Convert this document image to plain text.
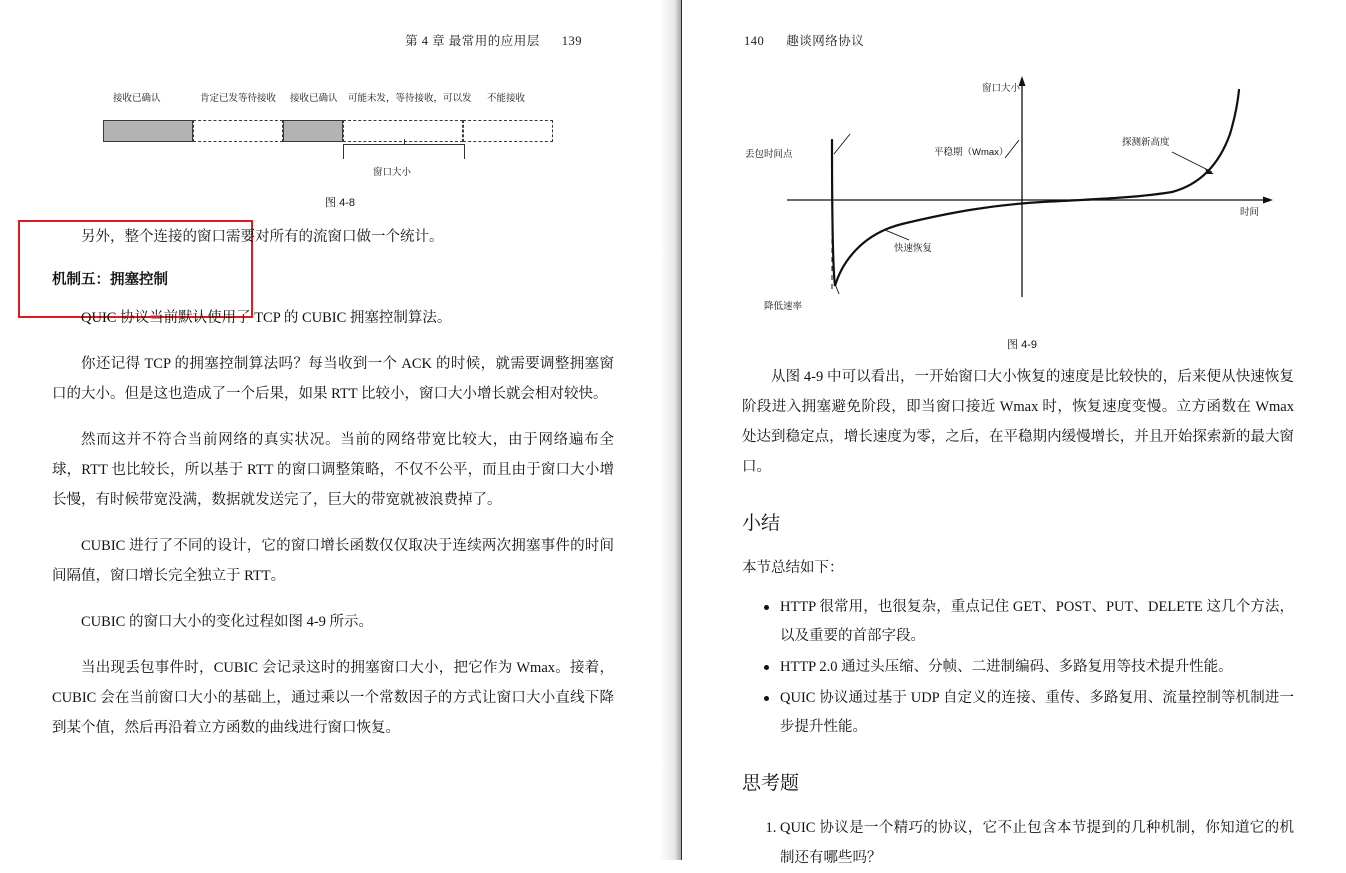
第 4 章 最常用的应用层 139
接收已确认	肯定已发等待接收 接收已确认 可能未发，等待接收，可以发 不能接收
窗口大小
图 4-8

另外，整个连接的窗口需要对所有的流窗口做一个统计。

机制五：拥塞控制

QUIC 协议当前默认使用了 TCP 的 CUBIC 拥塞控制算法。

你还记得 TCP 的拥塞控制算法吗？每当收到一个 ACK 的时候，就需要调整拥塞窗口的大小。但是这也造成了一个后果，如果 RTT 比较小，窗口大小增长就会相对较快。

然而这并不符合当前网络的真实状况。当前的网络带宽比较大，由于网络遍布全球，RTT 也比较长，所以基于 RTT 的窗口调整策略，不仅不公平，而且由于窗口大小增长慢，有时候带宽没满，数据就发送完了，巨大的带宽就被浪费掉了。

CUBIC 进行了不同的设计，它的窗口增长函数仅仅取决于连续两次拥塞事件的时间间隔值，窗口增长完全独立于 RTT。

CUBIC 的窗口大小的变化过程如图 4-9 所示。

当出现丢包事件时，CUBIC 会记录这时的拥塞窗口大小，把它作为 Wmax。接着，CUBIC 会在当前窗口大小的基础上，通过乘以一个常数因子的方式让窗口大小直线下降到某个值，然后再沿着立方函数的曲线进行窗口恢复。

140 趣谈网络协议
窗口大小
丢包时间点	平稳期（Wmax）
探测新高度
时间
快速恢复
降低速率
图 4-9

从图 4-9 中可以看出，一开始窗口大小恢复的速度是比较快的，后来便从快速恢复阶段进入拥塞避免阶段，即当窗口接近 Wmax 时，恢复速度变慢。立方函数在 Wmax 处达到稳定点，增长速度为零，之后，在平稳期内缓慢增长，并且开始探索新的最大窗口。

小结

本节总结如下：

HTTP 很常用，也很复杂，重点记住 GET、POST、PUT、DELETE 这几个方法，以及重要的首部字段。
HTTP 2.0 通过头压缩、分帧、二进制编码、多路复用等技术提升性能。
QUIC 协议通过基于 UDP 自定义的连接、重传、多路复用、流量控制等机制进一步提升性能。
思考题
1. QUIC 协议是一个精巧的协议，它不止包含本节提到的几种机制，你知道它的机制还有哪些吗？
